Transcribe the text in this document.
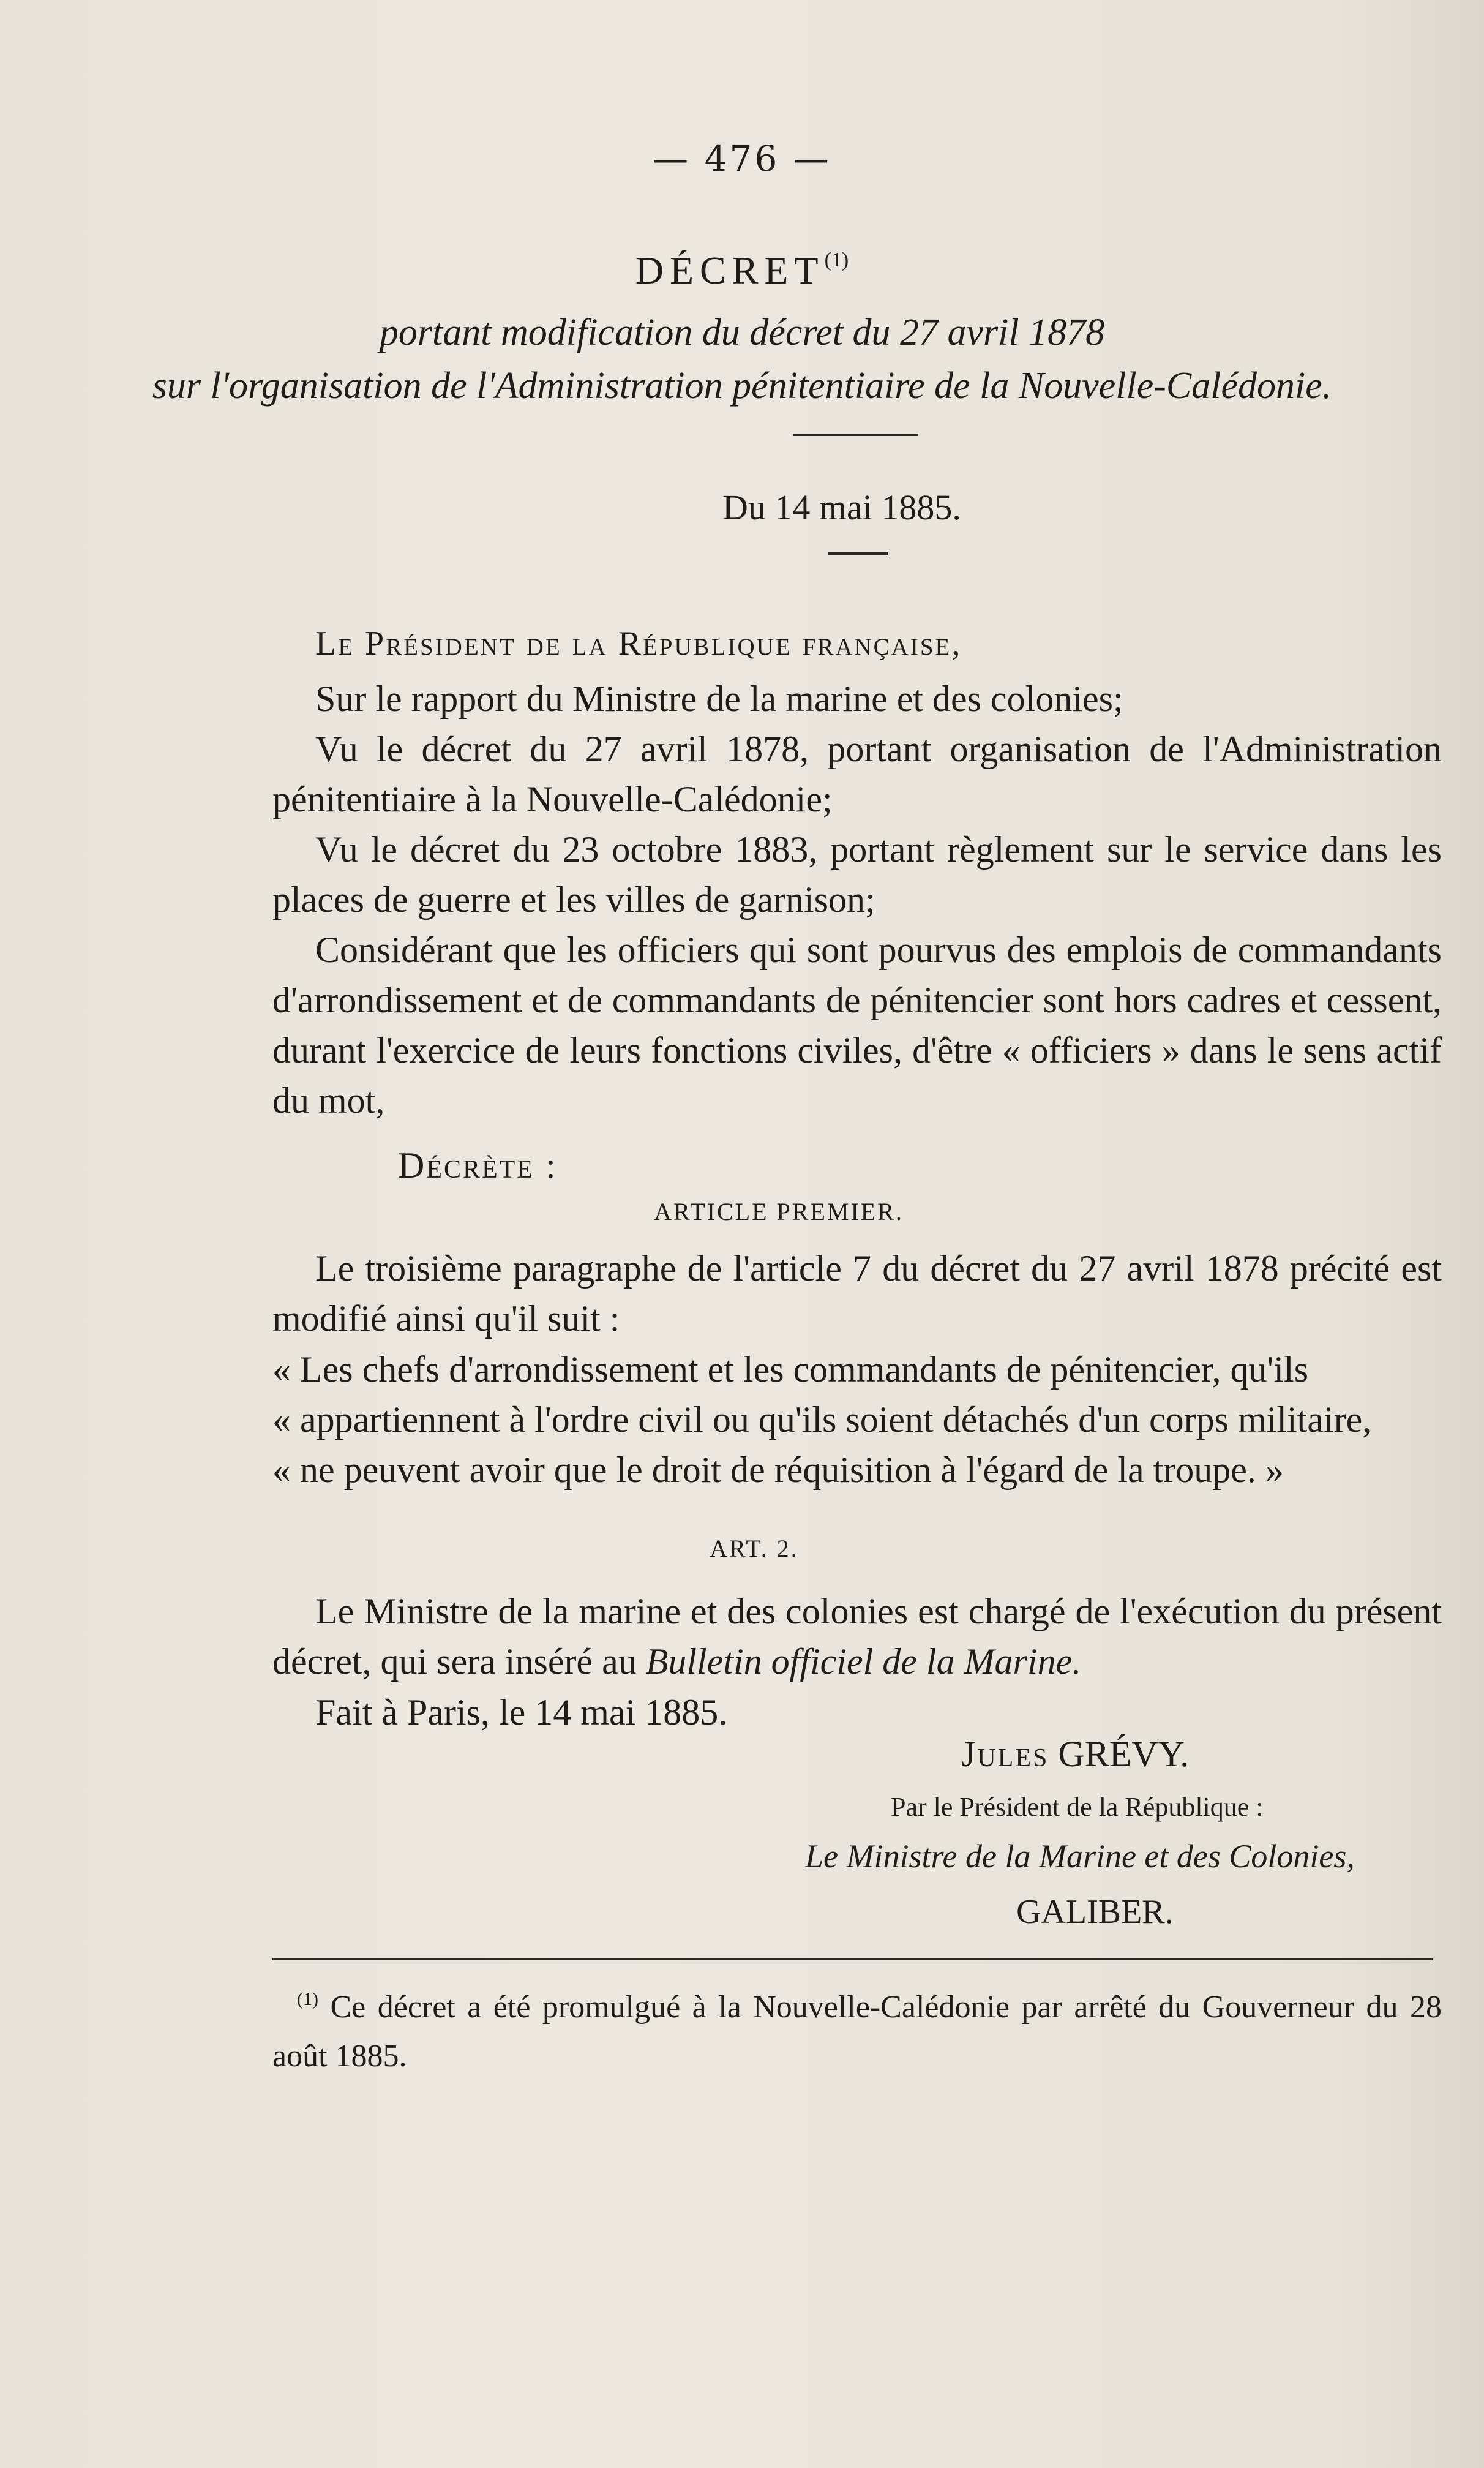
— 476 —
DÉCRET$^{(1)}$
portant modification du décret du 27 avril 1878
sur l'organisation de l'Administration pénitentiaire de la Nouvelle-Calédonie.
Du 14 mai 1885.
Le Président de la République française,
Sur le rapport du Ministre de la marine et des colonies;
Vu le décret du 27 avril 1878, portant organisation de l'Administration pénitentiaire à la Nouvelle-Calédonie;
Vu le décret du 23 octobre 1883, portant règlement sur le service dans les places de guerre et les villes de garnison;
Considérant que les officiers qui sont pourvus des emplois de commandants d'arrondissement et de commandants de pénitencier sont hors cadres et cessent, durant l'exercice de leurs fonctions civiles, d'être « officiers » dans le sens actif du mot,
Décrète :
ARTICLE PREMIER.
Le troisième paragraphe de l'article 7 du décret du 27 avril 1878 précité est modifié ainsi qu'il suit :
« Les chefs d'arrondissement et les commandants de pénitencier, qu'ils
« appartiennent à l'ordre civil ou qu'ils soient détachés d'un corps militaire,
« ne peuvent avoir que le droit de réquisition à l'égard de la troupe. »
ART. 2.
Le Ministre de la marine et des colonies est chargé de l'exécution du présent décret, qui sera inséré au Bulletin officiel de la Marine.
Fait à Paris, le 14 mai 1885.
Jules GRÉVY.
Par le Président de la République :
Le Ministre de la Marine et des Colonies,
GALIBER.
$^{(1)}$ Ce décret a été promulgué à la Nouvelle-Calédonie par arrêté du Gouverneur du 28 août 1885.
